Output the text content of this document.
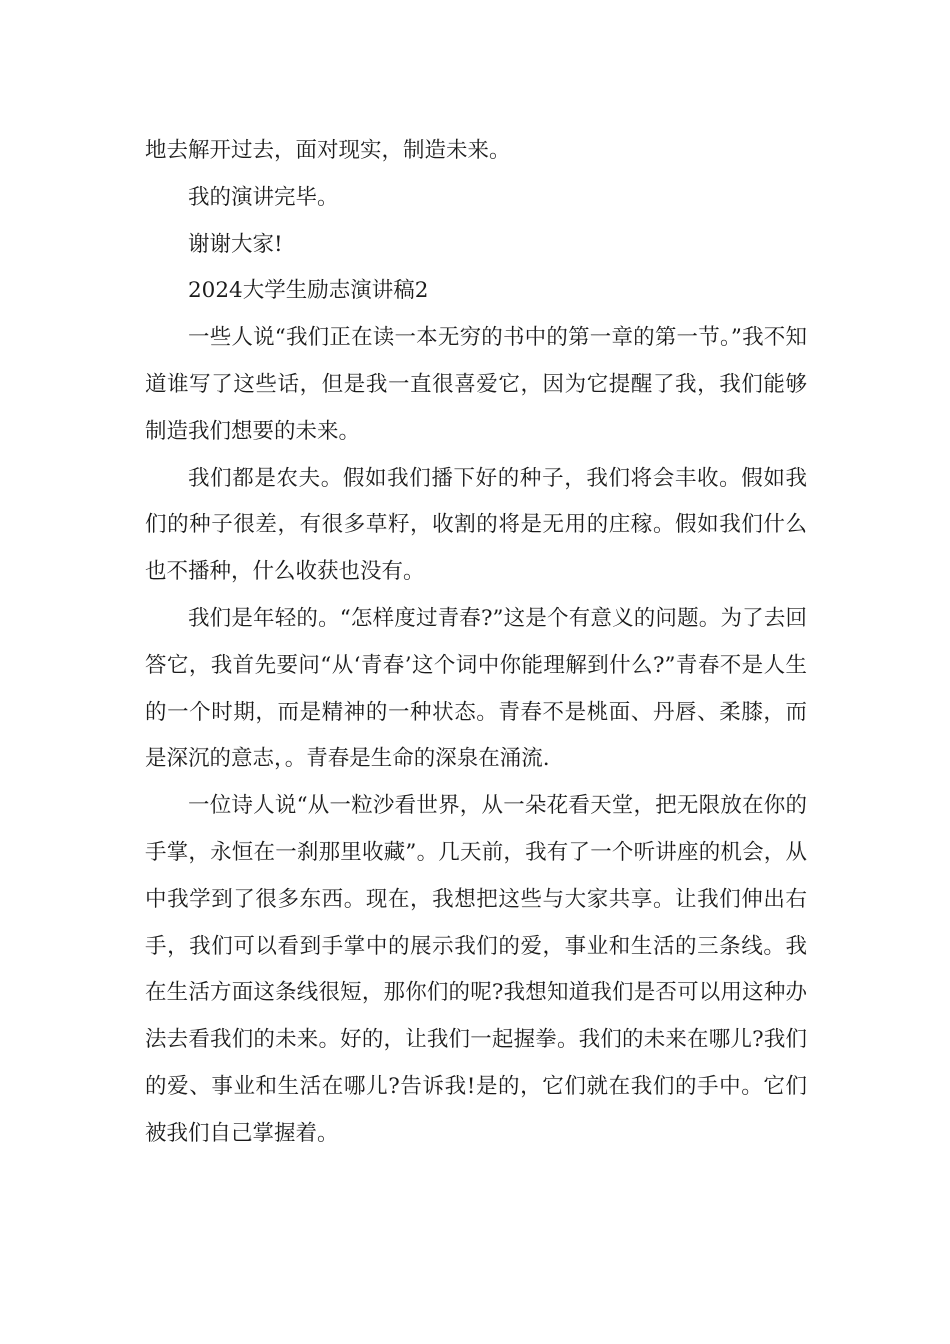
地去解开过去，面对现实，制造未来。

我的演讲完毕。

谢谢大家!

2024大学生励志演讲稿2

一些人说“我们正在读一本无穷的书中的第一章的第一节。”我不知道谁写了这些话，但是我一直很喜爱它，因为它提醒了我，我们能够制造我们想要的未来。

我们都是农夫。假如我们播下好的种子，我们将会丰收。假如我们的种子很差，有很多草籽，收割的将是无用的庄稼。假如我们什么也不播种，什么收获也没有。

我们是年轻的。“怎样度过青春?”这是个有意义的问题。为了去回答它，我首先要问“从‘青春’这个词中你能理解到什么?”青春不是人生的一个时期，而是精神的一种状态。青春不是桃面、丹唇、柔膝，而是深沉的意志，。青春是生命的深泉在涌流.

一位诗人说“从一粒沙看世界，从一朵花看天堂，把无限放在你的手掌，永恒在一刹那里收藏”。几天前，我有了一个听讲座的机会，从中我学到了很多东西。现在，我想把这些与大家共享。让我们伸出右手，我们可以看到手掌中的展示我们的爱，事业和生活的三条线。我在生活方面这条线很短，那你们的呢?我想知道我们是否可以用这种办法去看我们的未来。好的，让我们一起握拳。我们的未来在哪儿?我们的爱、事业和生活在哪儿?告诉我!是的，它们就在我们的手中。它们被我们自己掌握着。
